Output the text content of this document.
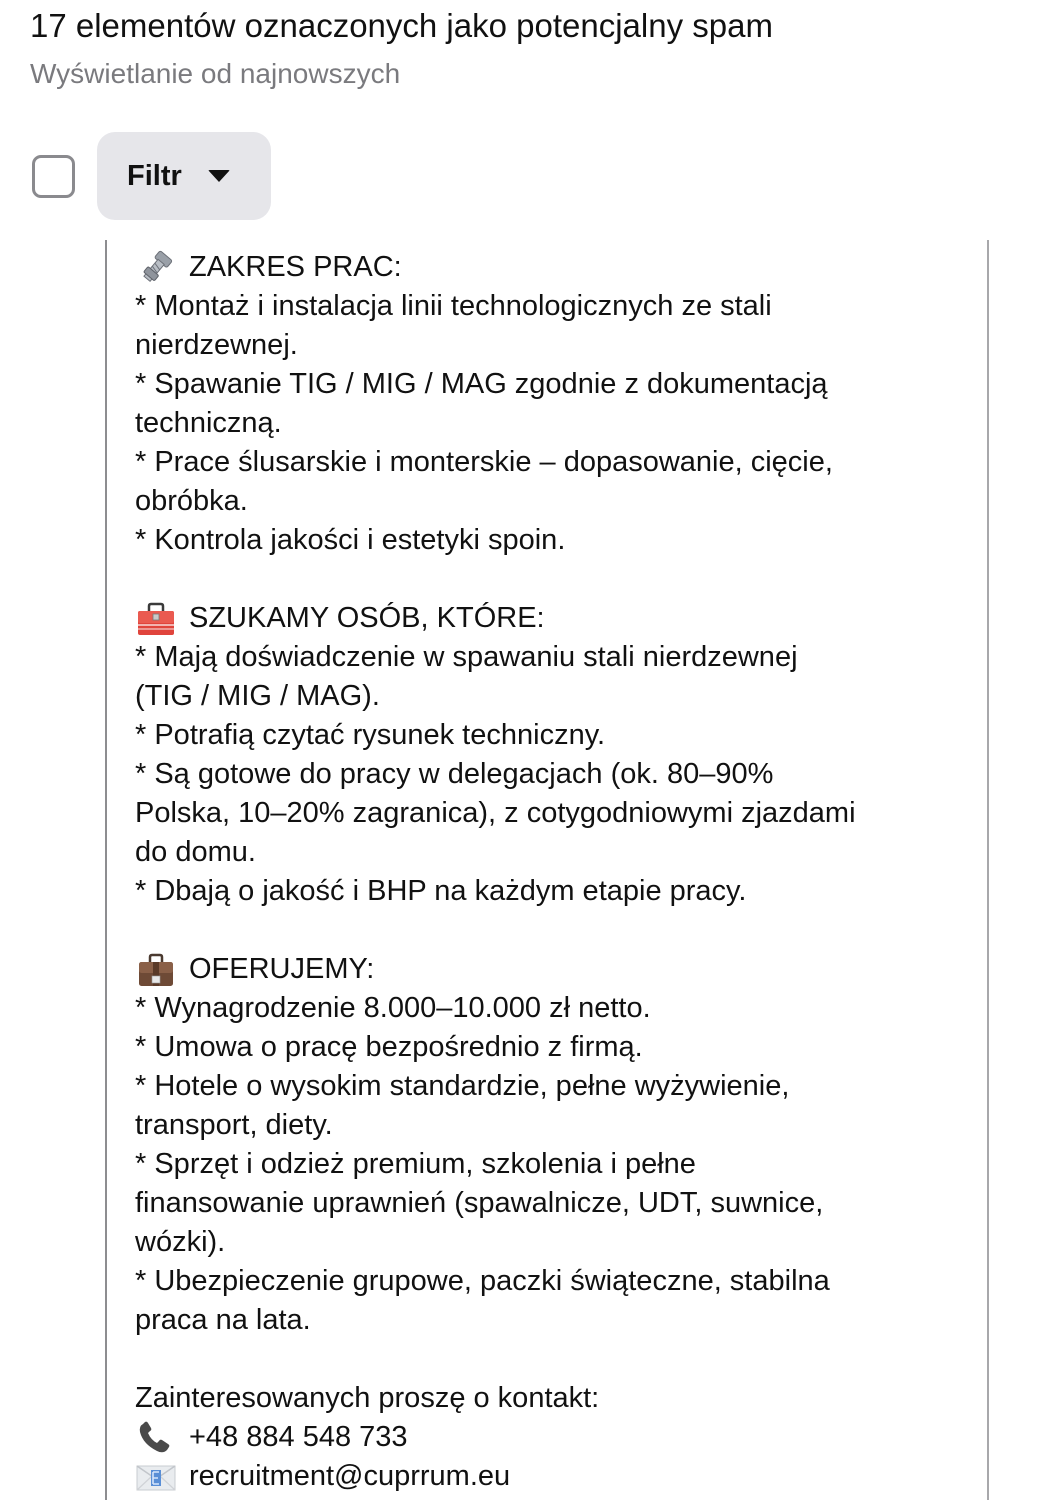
17 elementów oznaczonych jako potencjalny spam
Wyświetlanie od najnowszych
Filtr

ZAKRES PRAC:

* Montaż i instalacja linii technologicznych ze stali

nierdzewnej.

* Spawanie TIG / MIG / MAG zgodnie z dokumentacją

techniczną.

* Prace ślusarskie i monterskie – dopasowanie, cięcie,

obróbka.

* Kontrola jakości i estetyki spoin.

SZUKAMY OSÓB, KTÓRE:

* Mają doświadczenie w spawaniu stali nierdzewnej

(TIG / MIG / MAG).

* Potrafią czytać rysunek techniczny.

* Są gotowe do pracy w delegacjach (ok. 80–90%

Polska, 10–20% zagranica), z cotygodniowymi zjazdami

do domu.

* Dbają o jakość i BHP na każdym etapie pracy.

OFERUJEMY:

* Wynagrodzenie 8.000–10.000 zł netto.

* Umowa o pracę bezpośrednio z firmą.

* Hotele o wysokim standardzie, pełne wyżywienie,

transport, diety.

* Sprzęt i odzież premium, szkolenia i pełne

finansowanie uprawnień (spawalnicze, UDT, suwnice,

wózki).

* Ubezpieczenie grupowe, paczki świąteczne, stabilna

praca na lata.

Zainteresowanych proszę o kontakt:

+48 884 548 733

recruitment@cuprrum.eu
